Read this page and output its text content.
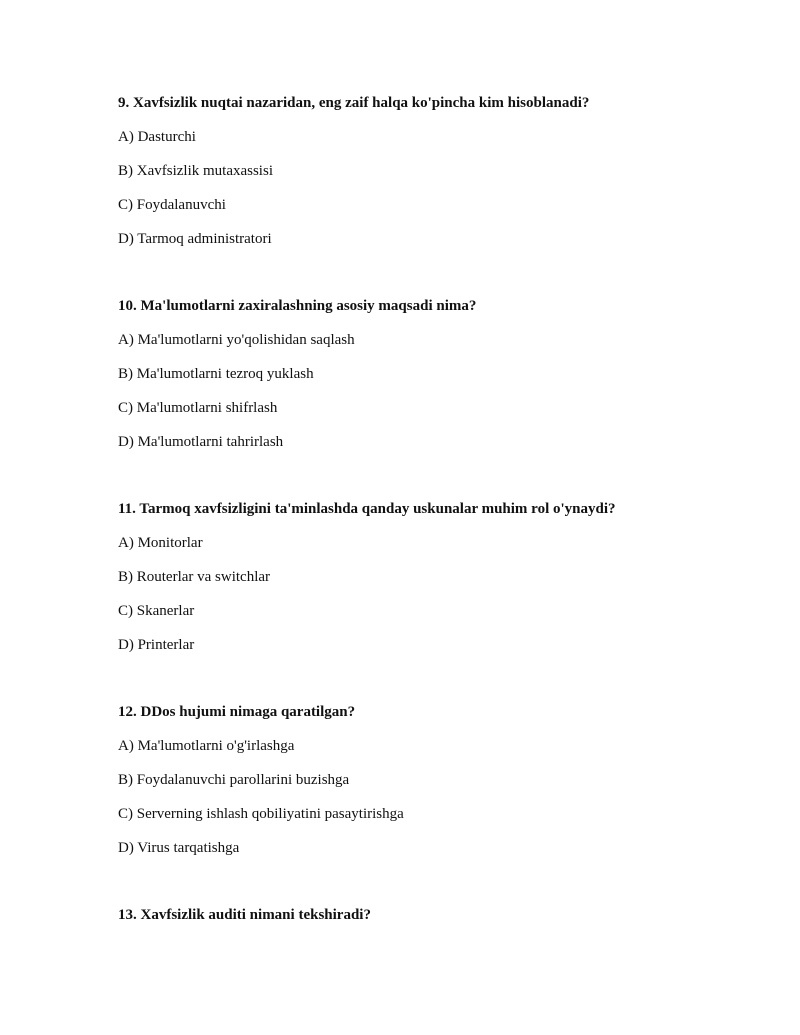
9. Xavfsizlik nuqtai nazaridan, eng zaif halqa ko'pincha kim hisoblanadi?

A) Dasturchi

B) Xavfsizlik mutaxassisi

C) Foydalanuvchi

D) Tarmoq administratori

10. Ma'lumotlarni zaxiralashning asosiy maqsadi nima?

A) Ma'lumotlarni yo'qolishidan saqlash

B) Ma'lumotlarni tezroq yuklash

C) Ma'lumotlarni shifrlash

D) Ma'lumotlarni tahrirlash

11. Tarmoq xavfsizligini ta'minlashda qanday uskunalar muhim rol o'ynaydi?

A) Monitorlar

B) Routerlar va switchlar

C) Skanerlar

D) Printerlar

12. DDos hujumi nimaga qaratilgan?

A) Ma'lumotlarni o'g'irlashga

B) Foydalanuvchi parollarini buzishga

C) Serverning ishlash qobiliyatini pasaytirishga

D) Virus tarqatishga

13. Xavfsizlik auditi nimani tekshiradi?
